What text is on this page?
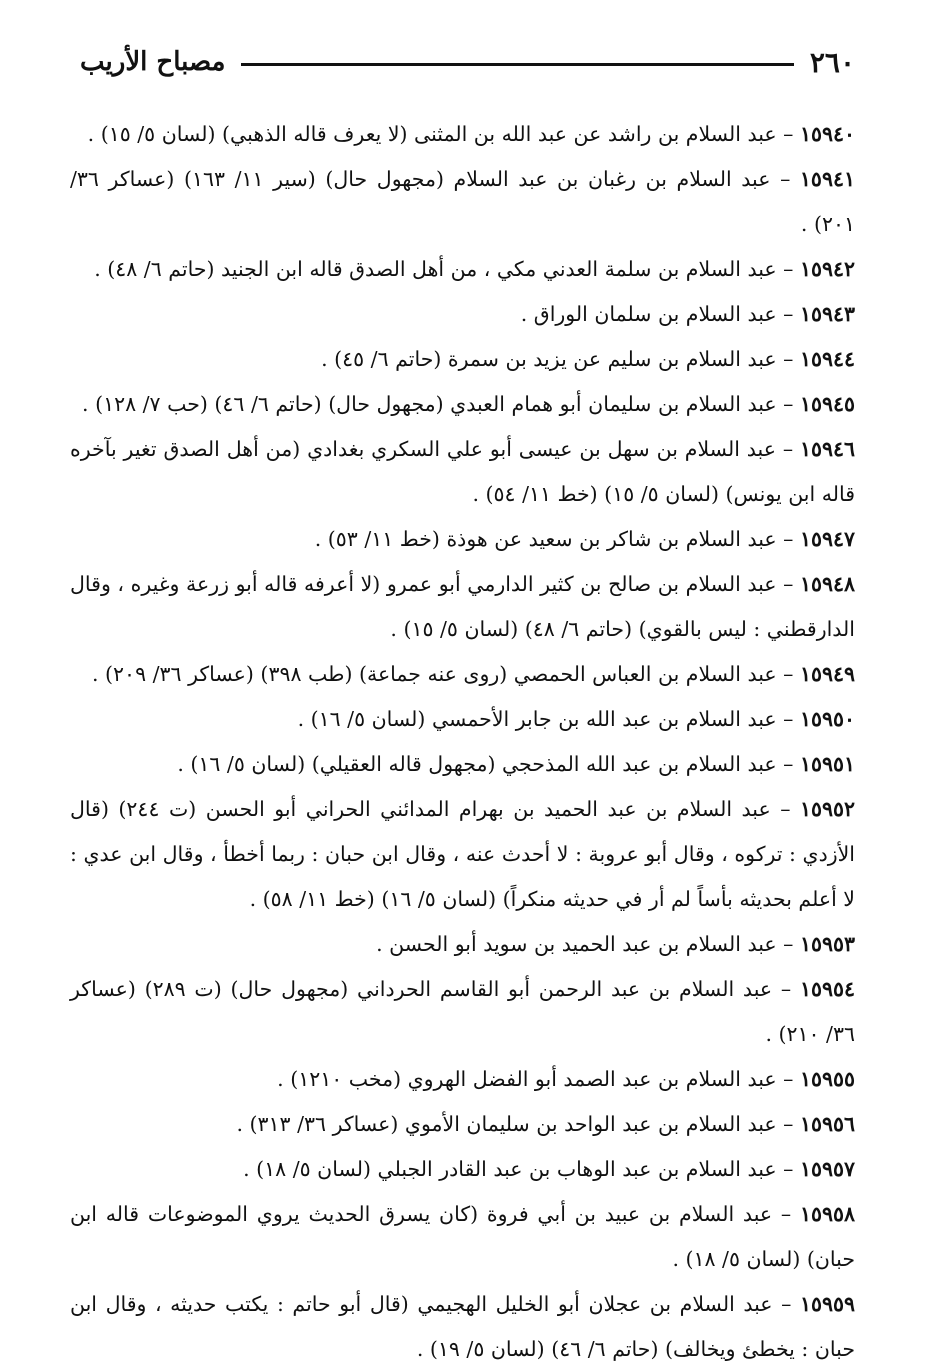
٢٦٠
مصباح الأريب

١٥٩٤٠ – عبد السلام بن راشد عن عبد الله بن المثنى (لا يعرف قاله الذهبي) (لسان ٥/ ١٥) .

١٥٩٤١ – عبد السلام بن رغبان بن عبد السلام (مجهول حال) (سير ١١/ ١٦٣) (عساكر ٣٦/ ٢٠١) .

١٥٩٤٢ – عبد السلام بن سلمة العدني مكي ، من أهل الصدق قاله ابن الجنيد (حاتم ٦/ ٤٨) .

١٥٩٤٣ – عبد السلام بن سلمان الوراق .

١٥٩٤٤ – عبد السلام بن سليم عن يزيد بن سمرة (حاتم ٦/ ٤٥) .

١٥٩٤٥ – عبد السلام بن سليمان أبو همام العبدي (مجهول حال) (حاتم ٦/ ٤٦) (حب ٧/ ١٢٨) .

١٥٩٤٦ – عبد السلام بن سهل بن عيسى أبو علي السكري بغدادي (من أهل الصدق تغير بآخره قاله ابن يونس) (لسان ٥/ ١٥) (خط ١١/ ٥٤) .

١٥٩٤٧ – عبد السلام بن شاكر بن سعيد عن هوذة (خط ١١/ ٥٣) .

١٥٩٤٨ – عبد السلام بن صالح بن كثير الدارمي أبو عمرو (لا أعرفه قاله أبو زرعة وغيره ، وقال الدارقطني : ليس بالقوي) (حاتم ٦/ ٤٨) (لسان ٥/ ١٥) .

١٥٩٤٩ – عبد السلام بن العباس الحمصي (روى عنه جماعة) (طب ٣٩٨) (عساكر ٣٦/ ٢٠٩) .

١٥٩٥٠ – عبد السلام بن عبد الله بن جابر الأحمسي (لسان ٥/ ١٦) .

١٥٩٥١ – عبد السلام بن عبد الله المذحجي (مجهول قاله العقيلي) (لسان ٥/ ١٦) .

١٥٩٥٢ – عبد السلام بن عبد الحميد بن بهرام المدائني الحراني أبو الحسن (ت ٢٤٤) (قال الأزدي : تركوه ، وقال أبو عروبة : لا أحدث عنه ، وقال ابن حبان : ربما أخطأ ، وقال ابن عدي : لا أعلم بحديثه بأساً لم أر في حديثه منكراً) (لسان ٥/ ١٦) (خط ١١/ ٥٨) .

١٥٩٥٣ – عبد السلام بن عبد الحميد بن سويد أبو الحسن .

١٥٩٥٤ – عبد السلام بن عبد الرحمن أبو القاسم الحرداني (مجهول حال) (ت ٢٨٩) (عساكر ٣٦/ ٢١٠) .

١٥٩٥٥ – عبد السلام بن عبد الصمد أبو الفضل الهروي (مخب ١٢١٠) .

١٥٩٥٦ – عبد السلام بن عبد الواحد بن سليمان الأموي (عساكر ٣٦/ ٣١٣) .

١٥٩٥٧ – عبد السلام بن عبد الوهاب بن عبد القادر الجبلي (لسان ٥/ ١٨) .

١٥٩٥٨ – عبد السلام بن عبيد بن أبي فروة (كان يسرق الحديث يروي الموضوعات قاله ابن حبان) (لسان ٥/ ١٨) .

١٥٩٥٩ – عبد السلام بن عجلان أبو الخليل الهجيمي (قال أبو حاتم : يكتب حديثه ، وقال ابن حبان : يخطئ ويخالف) (حاتم ٦/ ٤٦) (لسان ٥/ ١٩) .
